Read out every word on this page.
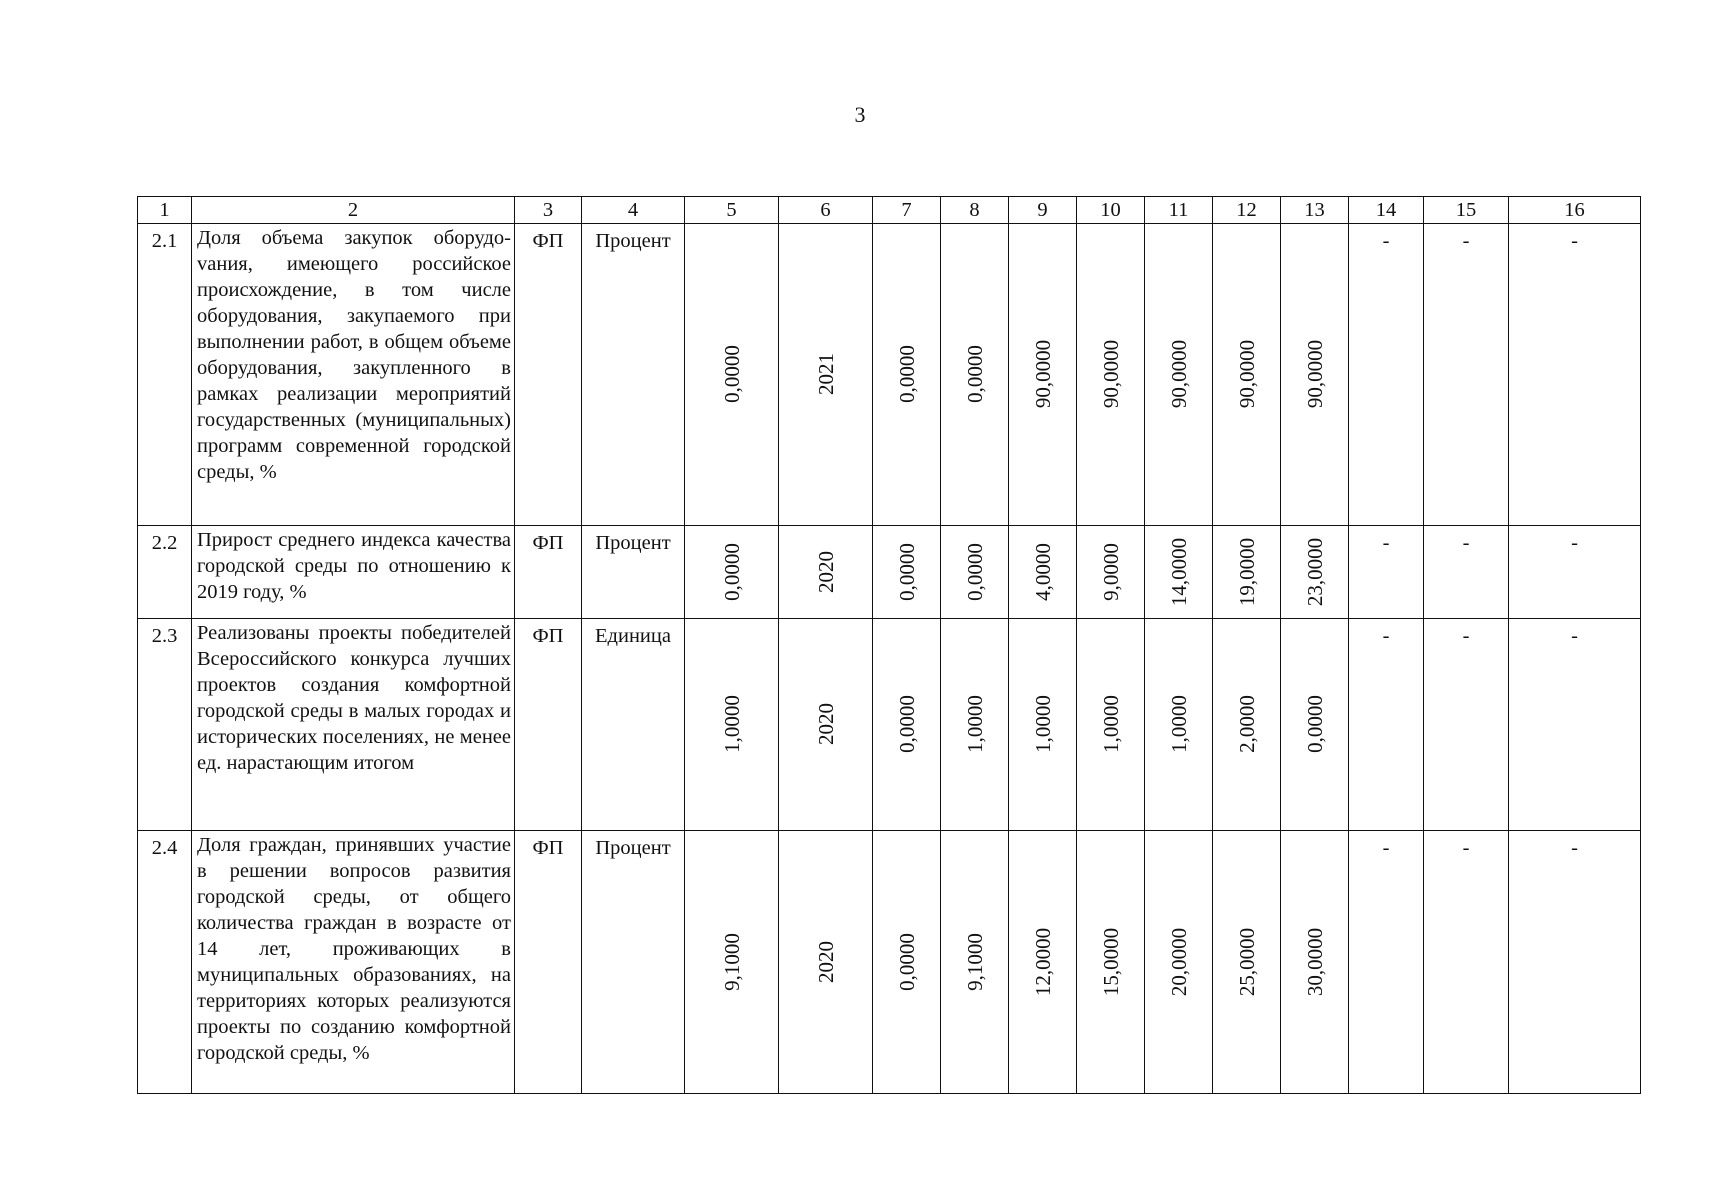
3
1	2	3	4	5	6	7	8	9	10	11	12	13	14	15	16
2.1	Доля объема закупок оборудоvания, имеющего российское происхождение, в том числе оборудования, закупаемого при выполнении работ, в общем объеме оборудования, закупленного в рамках реализации мероприятий государственных (муниципальных) программ современной городской среды, %	ФП	Процент	0,0000	2021	0,0000	0,0000	90,0000	90,0000	90,0000	90,0000	90,0000	-	-	-
2.2	Прирост среднего индекса качества городской среды по отношению к 2019 году, %	ФП	Процент	0,0000	2020	0,0000	0,0000	4,0000	9,0000	14,0000	19,0000	23,0000	-	-	-
2.3	Реализованы проекты победителей Всероссийского конкурса лучших проектов создания комфортной городской среды в малых городах и исторических поселениях, не менее ед. нарастающим итогом	ФП	Единица	1,0000	2020	0,0000	1,0000	1,0000	1,0000	1,0000	2,0000	0,0000	-	-	-
2.4	Доля граждан, принявших участие в решении вопросов развития городской среды, от общего количества граждан в возрасте от 14 лет, проживающих в муниципальных образованиях, на территориях которых реализуются проекты по созданию комфортной городской среды, %	ФП	Процент	9,1000	2020	0,0000	9,1000	12,0000	15,0000	20,0000	25,0000	30,0000	-	-	-
